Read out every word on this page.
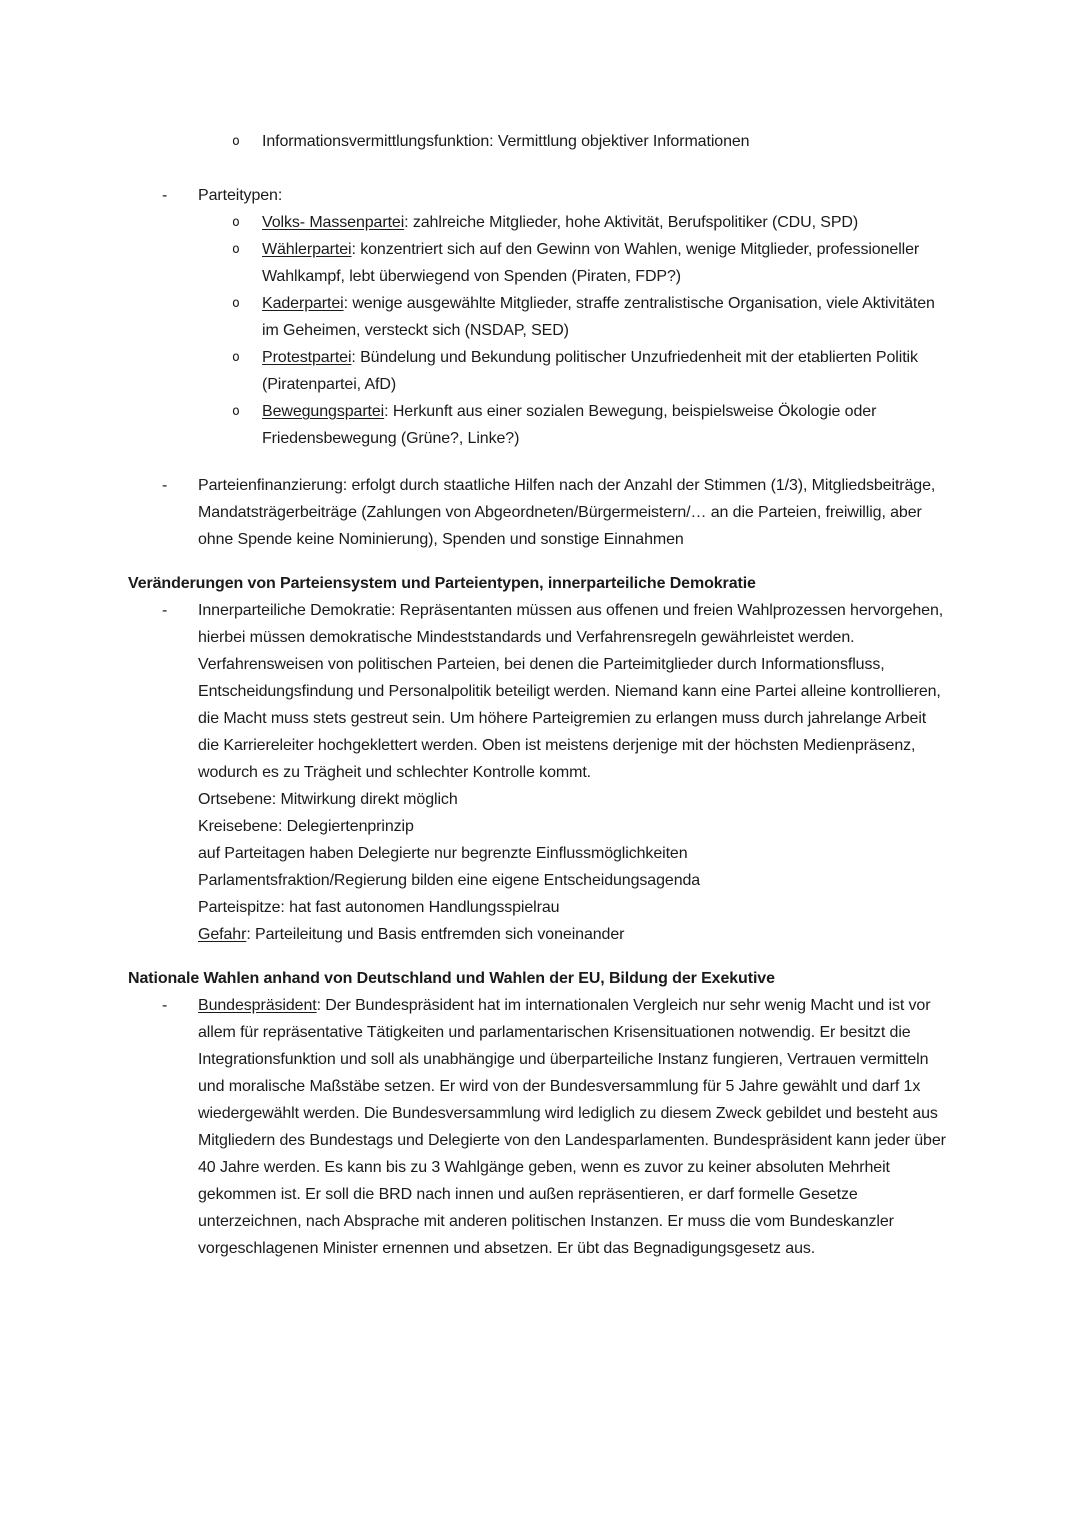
o	Informationsvermittlungsfunktion: Vermittlung objektiver Informationen
-	Parteitypen:
o	Volks- Massenpartei: zahlreiche Mitglieder, hohe Aktivität, Berufspolitiker (CDU, SPD)
o	Wählerpartei: konzentriert sich auf den Gewinn von Wahlen, wenige Mitglieder, professioneller Wahlkampf, lebt überwiegend von Spenden (Piraten, FDP?)
o	Kaderpartei: wenige ausgewählte Mitglieder, straffe zentralistische Organisation, viele Aktivitäten im Geheimen, versteckt sich (NSDAP, SED)
o	Protestpartei: Bündelung und Bekundung politischer Unzufriedenheit mit der etablierten Politik (Piratenpartei, AfD)
o	Bewegungspartei: Herkunft aus einer sozialen Bewegung, beispielsweise Ökologie oder Friedensbewegung (Grüne?, Linke?)
-	Parteienfinanzierung: erfolgt durch staatliche Hilfen nach der Anzahl der Stimmen (1/3), Mitgliedsbeiträge, Mandatsträgerbeiträge (Zahlungen von Abgeordneten/Bürgermeistern/… an die Parteien, freiwillig, aber ohne Spende keine Nominierung), Spenden und sonstige Einnahmen
Veränderungen von Parteiensystem und Parteientypen, innerparteiliche Demokratie
-	Innerparteiliche Demokratie: Repräsentanten müssen aus offenen und freien Wahlprozessen hervorgehen, hierbei müssen demokratische Mindeststandards und Verfahrensregeln gewährleistet werden. Verfahrensweisen von politischen Parteien, bei denen die Parteimitglieder durch Informationsfluss, Entscheidungsfindung und Personalpolitik beteiligt werden. Niemand kann eine Partei alleine kontrollieren, die Macht muss stets gestreut sein. Um höhere Parteigremien zu erlangen muss durch jahrelange Arbeit die Karriereleiter hochgeklettert werden. Oben ist meistens derjenige mit der höchsten Medienpräsenz, wodurch es zu Trägheit und schlechter Kontrolle kommt.
Ortsebene: Mitwirkung direkt möglich
Kreisebene: Delegiertenprinzip
auf Parteitagen haben Delegierte nur begrenzte Einflussmöglichkeiten
Parlamentsfraktion/Regierung bilden eine eigene Entscheidungsagenda
Parteispitze: hat fast autonomen Handlungsspielrau
Gefahr: Parteileitung und Basis entfremden sich voneinander
Nationale Wahlen anhand von Deutschland und Wahlen der EU, Bildung der Exekutive
-	Bundespräsident: Der Bundespräsident hat im internationalen Vergleich nur sehr wenig Macht und ist vor allem für repräsentative Tätigkeiten und parlamentarischen Krisensituationen notwendig. Er besitzt die Integrationsfunktion und soll als unabhängige und überparteiliche Instanz fungieren, Vertrauen vermitteln und moralische Maßstäbe setzen. Er wird von der Bundesversammlung für 5 Jahre gewählt und darf 1x wiedergewählt werden. Die Bundesversammlung wird lediglich zu diesem Zweck gebildet und besteht aus Mitgliedern des Bundestags und Delegierte von den Landesparlamenten. Bundespräsident kann jeder über 40 Jahre werden. Es kann bis zu 3 Wahlgänge geben, wenn es zuvor zu keiner absoluten Mehrheit gekommen ist. Er soll die BRD nach innen und außen repräsentieren, er darf formelle Gesetze unterzeichnen, nach Absprache mit anderen politischen Instanzen. Er muss die vom Bundeskanzler vorgeschlagenen Minister ernennen und absetzen. Er übt das Begnadigungsgesetz aus.
